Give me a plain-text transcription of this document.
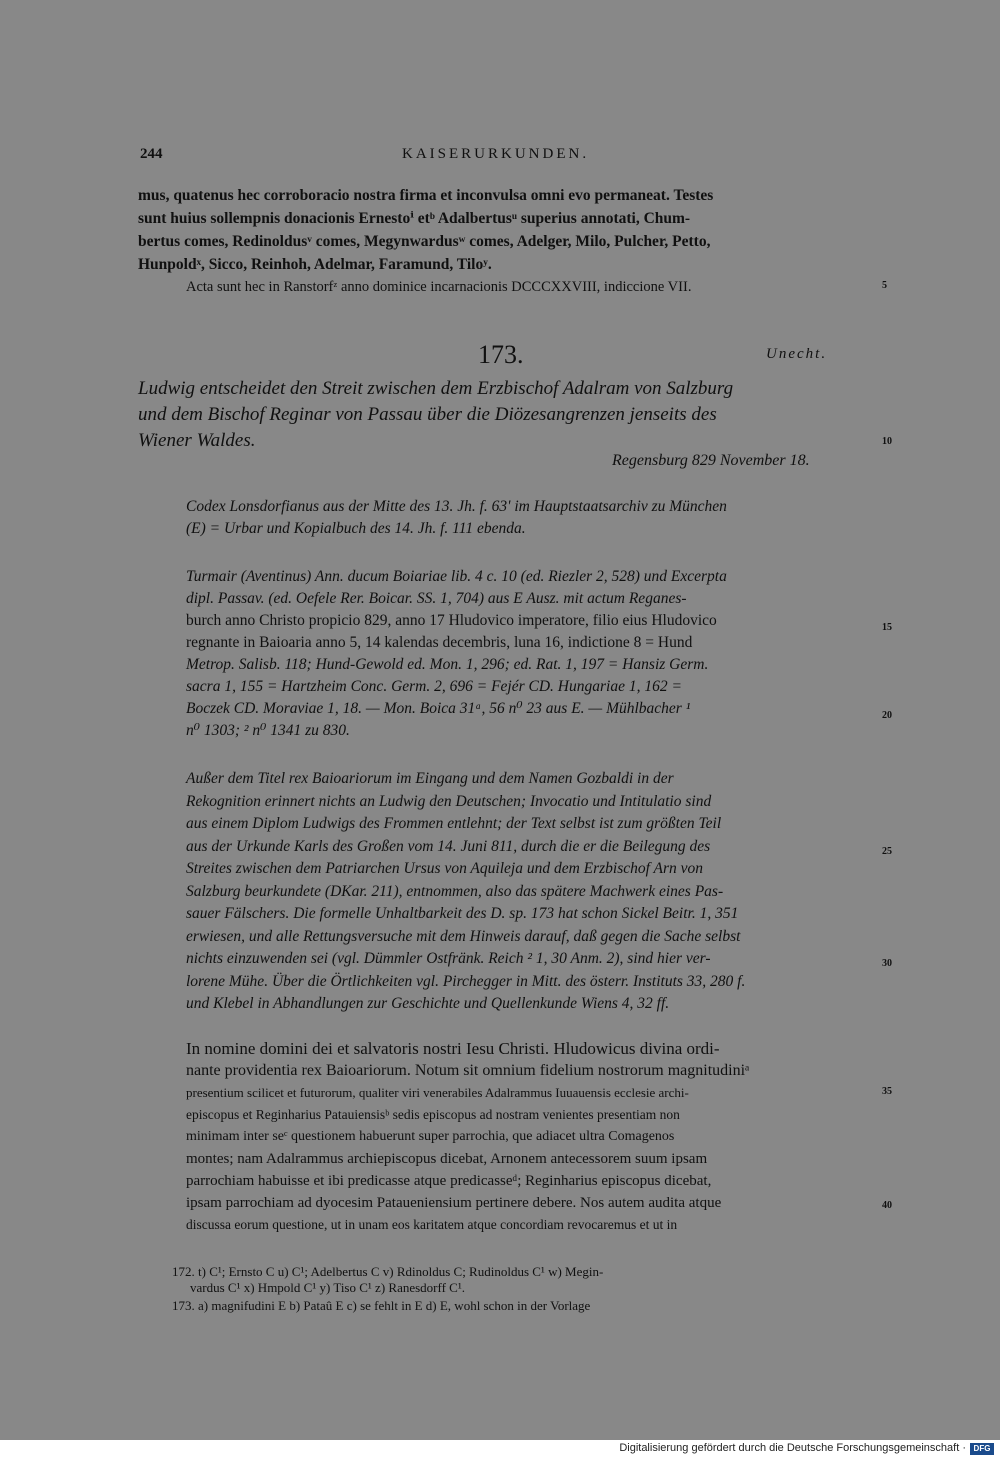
244	KAISERURKUNDEN.
mus, quatenus hec corroboracio nostra firma et inconvulsa omni evo permaneat. Testes
sunt huius sollempnis donacionis Ernestoⁱ etᵇ Adalbertusᵘ superius annotati, Chum-
bertus comes, Redinoldusᵛ comes, Megynwardusʷ comes, Adelger, Milo, Pulcher, Petto,
Hunpoldˣ, Sicco, Reinhoh, Adelmar, Faramund, Tiloʸ.
Acta sunt hec in Ranstorfᶻ anno dominice incarnacionis DCCCXXVIII, indiccione VII.	5
173.	Unecht.
Ludwig entscheidet den Streit zwischen dem Erzbischof Adalram von Salzburg
und dem Bischof Reginar von Passau über die Diözesangrenzen jenseits des
Wiener Waldes.	10
Regensburg 829 November 18.
Codex Lonsdorfianus aus der Mitte des 13. Jh. f. 63' im Hauptstaatsarchiv zu München
(E) = Urbar und Kopialbuch des 14. Jh. f. 111 ebenda.
Turmair (Aventinus) Ann. ducum Boiariae lib. 4 c. 10 (ed. Riezler 2, 528) und Excerpta
dipl. Passav. (ed. Oefele Rer. Boicar. SS. 1, 704) aus E Ausz. mit actum Reganes-
burch anno Christo propicio 829, anno 17 Hludovico imperatore, filio eius Hludovico
regnante in Baioaria anno 5, 14 kalendas decembris, luna 16, indictione 8 = Hund
Metrop. Salisb. 118; Hund-Gewold ed. Mon. 1, 296; ed. Rat. 1, 197 = Hansiz Germ.
sacra 1, 155 = Hartzheim Conc. Germ. 2, 696 = Fejér CD. Hungariae 1, 162 =
Boczek CD. Moraviae 1, 18. — Mon. Boica 31ᵃ, 56 n⁰ 23 aus E. — Mühlbacher ¹
n⁰ 1303; ² n⁰ 1341 zu 830.
15
20
Außer dem Titel rex Baioariorum im Eingang und dem Namen Gozbaldi in der
Rekognition erinnert nichts an Ludwig den Deutschen; Invocatio und Intitulatio sind
aus einem Diplom Ludwigs des Frommen entlehnt; der Text selbst ist zum größten Teil
aus der Urkunde Karls des Großen vom 14. Juni 811, durch die er die Beilegung des
Streites zwischen dem Patriarchen Ursus von Aquileja und dem Erzbischof Arn von
Salzburg beurkundete (DKar. 211), entnommen, also das spätere Machwerk eines Pas-
sauer Fälschers. Die formelle Unhaltbarkeit des D. sp. 173 hat schon Sickel Beitr. 1, 351
erwiesen, und alle Rettungsversuche mit dem Hinweis darauf, daß gegen die Sache selbst
nichts einzuwenden sei (vgl. Dümmler Ostfränk. Reich ² 1, 30 Anm. 2), sind hier ver-
lorene Mühe. Über die Örtlichkeiten vgl. Pirchegger in Mitt. des österr. Instituts 33, 280 f.
und Klebel in Abhandlungen zur Geschichte und Quellenkunde Wiens 4, 32 ff.
25
30
In nomine domini dei et salvatoris nostri Iesu Christi. Hludowicus divina ordi-
nante providentia rex Baioariorum. Notum sit omnium fidelium nostrorum magnitudiniᵃ
presentium scilicet et futurorum, qualiter viri venerabiles Adalrammus Iuuauensis ecclesie archi-
episcopus et Reginharius Patauiensisᵇ sedis episcopus ad nostram venientes presentiam non
minimam inter seᶜ questionem habuerunt super parrochia, que adiacet ultra Comagenos
montes; nam Adalrammus archiepiscopus dicebat, Arnonem antecessorem suum ipsam
parrochiam habuisse et ibi predicasse atque predicasseᵈ; Reginharius episcopus dicebat,
ipsam parrochiam ad dyocesim Pataueniensium pertinere debere. Nos autem audita atque
discussa eorum questione, ut in unam eos karitatem atque concordiam revocaremus et ut in
35
40
172. t) C¹; Ernsto C u) C¹; Adelbertus C v) Rdinoldus C; Rudinoldus C¹ w) Megin-
vardus C¹ x) Hmpold C¹ y) Tiso C¹ z) Ranesdorff C¹.
173. a) magnifudini E b) Pataû E c) se fehlt in E d) E, wohl schon in der Vorlage
Digitalisierung gefördert durch die Deutsche Forschungsgemeinschaft · DFG
